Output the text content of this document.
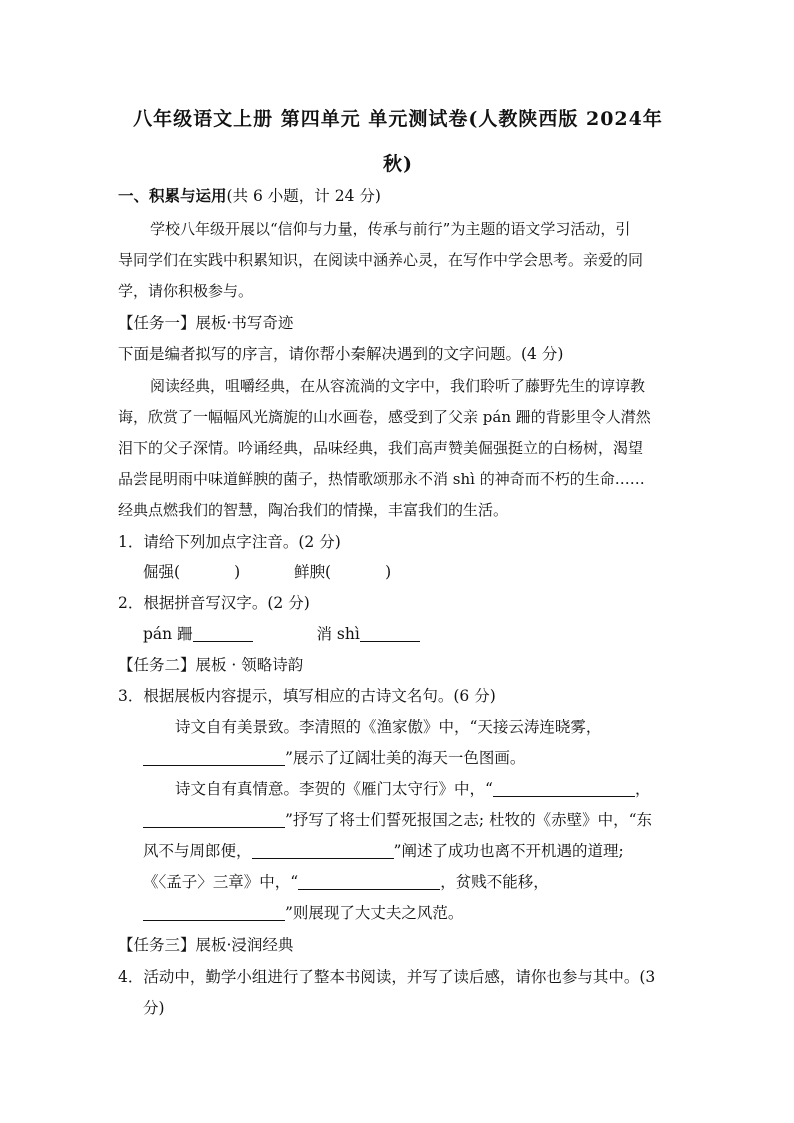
八年级语文上册 第四单元 单元测试卷(人教陕西版 2024年
秋)
一、积累与运用(共 6 小题，计 24 分)
学校八年级开展以“信仰与力量，传承与前行”为主题的语文学习活动，引
导同学们在实践中积累知识，在阅读中涵养心灵，在写作中学会思考。亲爱的同
学，请你积极参与。
【任务一】展板·书写奇迹
下面是编者拟写的序言，请你帮小秦解决遇到的文字问题。(4 分)
阅读经典，咀嚼经典，在从容流淌的文字中，我们聆听了藤野先生的谆谆教
诲，欣赏了一幅幅风光旖旎的山水画卷，感受到了父亲 pán 跚的背影里令人潸然
泪下的父子深情。吟诵经典，品味经典，我们高声赞美倔强挺立的白杨树，渴望
品尝昆明雨中味道鲜腴的菌子，热情歌颂那永不消 shì 的神奇而不朽的生命……
经典点燃我们的智慧，陶冶我们的情操，丰富我们的生活。
1．请给下列加点字注音。(2 分)
倔强(	)	鲜腴(	)
2．根据拼音写汉字。(2 分)
pán 跚	消 shì
【任务二】展板 · 领略诗韵
3．根据展板内容提示，填写相应的古诗文名句。(6 分)
诗文自有美景致。李清照的《渔家傲》中，“天接云涛连晓雾，
”展示了辽阔壮美的海天一色图画。
诗文自有真情意。李贺的《雁门太守行》中，“	，
”抒写了将士们誓死报国之志; 杜牧的《赤壁》中，“东
风不与周郎便，	”阐述了成功也离不开机遇的道理;
《〈孟子〉三章》中，“	，贫贱不能移，
”则展现了大丈夫之风范。
【任务三】展板·浸润经典
4．活动中，勤学小组进行了整本书阅读，并写了读后感，请你也参与其中。(3
分)
